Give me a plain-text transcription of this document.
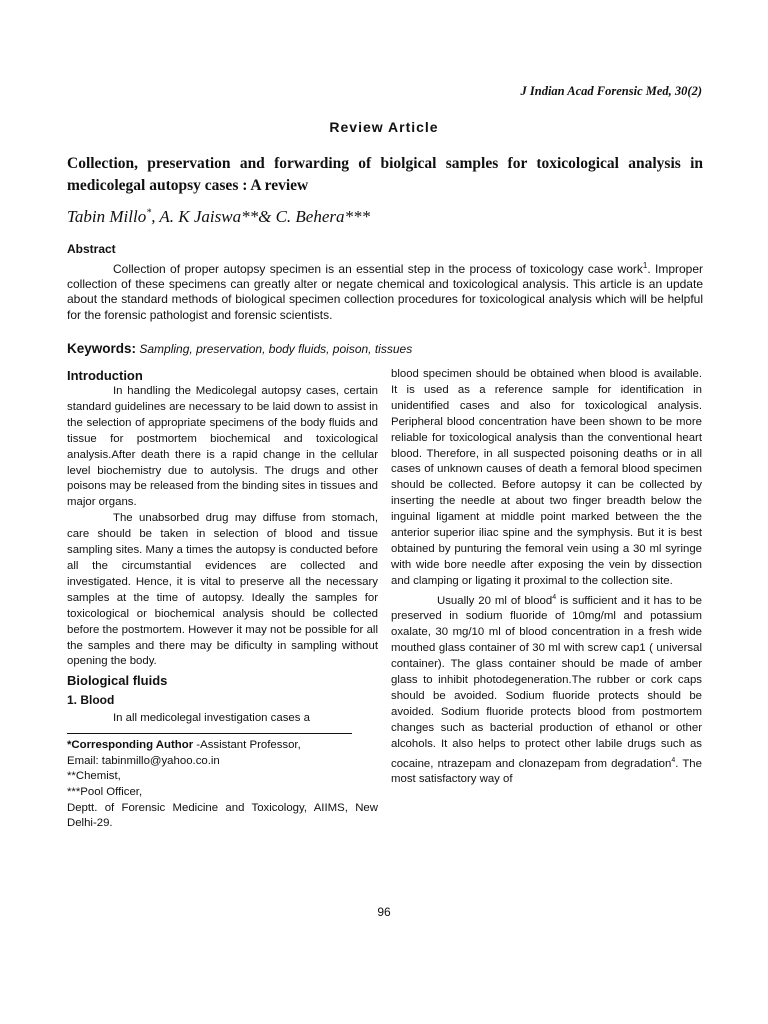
J Indian Acad Forensic Med, 30(2)
Review Article
Collection, preservation and forwarding of biolgical samples for toxicological analysis in medicolegal autopsy cases : A review
Tabin Millo*, A. K Jaiswa**& C. Behera***
Abstract
Collection of proper autopsy specimen is an essential step in the process of toxicology case work$^1$. Improper collection of these specimens can greatly alter or negate chemical and toxicological analysis. This article is an update about the standard methods of biological specimen collection procedures for toxicological analysis which will be helpful for the forensic pathologist and forensic scientists.
Keywords: Sampling, preservation, body fluids, poison, tissues
Introduction

In handling the Medicolegal autopsy cases, certain standard guidelines are necessary to be laid down to assist in the selection of appropriate specimens of the body fluids and tissue for postmortem biochemical and toxicological analysis.After death there is a rapid change in the cellular level biochemistry due to autolysis. The drugs and other poisons may be released from the binding sites in tissues and major organs.

The unabsorbed drug may diffuse from stomach, care should be taken in selection of blood and tissue sampling sites. Many a times the autopsy is conducted before all the circumstantial evidences are collected and investigated. Hence, it is vital to preserve all the necessary samples at the time of autopsy. Ideally the samples for toxicological or biochemical analysis should be collected before the postmortem. However it may not be possible for all the samples and there may be dificulty in sampling without opening the body.

Biological fluids
1. Blood

In all medicolegal investigation cases a

*Corresponding Author -Assistant Professor,

Email: tabinmillo@yahoo.co.in

**Chemist,

***Pool Officer,

Deptt. of Forensic Medicine and Toxicology, AIIMS, New Delhi-29.

blood specimen should be obtained when blood is available. It is used as a reference sample for identification in unidentified cases and also for toxicological analysis. Peripheral blood concentration have been shown to be more reliable for toxicological analysis than the conventional heart blood. Therefore, in all suspected poisoning deaths or in all cases of unknown causes of death a femoral blood specimen should be collected. Before autopsy it can be collected by inserting the needle at about two finger breadth below the inguinal ligament at middle point marked between the the anterior superior iliac spine and the symphysis. But it is best obtained by punturing the femoral vein using a 30 ml syringe with wide bore needle after exposing the vein by dissection and clamping or ligating it proximal to the collection site.

Usually 20 ml of blood$^4$ is sufficient and it has to be preserved in sodium fluoride of 10mg/ml and potassium oxalate, 30 mg/10 ml of blood concentration in a fresh wide mouthed glass container of 30 ml with screw cap1 ( universal container). The glass container should be made of amber glass to inhibit photodegeneration.The rubber or cork caps should be avoided. Sodium fluoride protects should be avoided. Sodium fluoride protects blood from postmortem changes such as bacterial production of ethanol or other alcohols. It also helps to protect other labile drugs such as cocaine, ntrazepam and clonazepam from degradation$^4$. The most satisfactory way of

96
